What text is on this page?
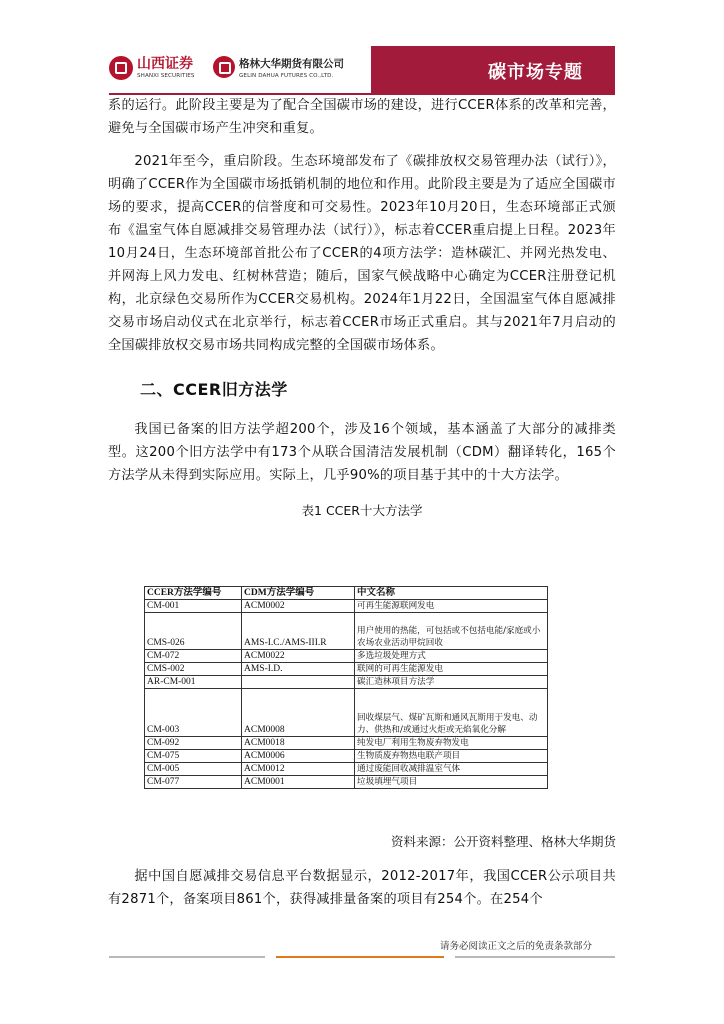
山西证券
SHANXI SECURITIES
格林大华期货有限公司
GELIN DAHUA FUTURES CO.,LTD.	碳市场专题

系的运行。此阶段主要是为了配合全国碳市场的建设，进行CCER体系的改革和完善，避免与全国碳市场产生冲突和重复。

2021年至今，重启阶段。生态环境部发布了《碳排放权交易管理办法（试行）》，明确了CCER作为全国碳市场抵销机制的地位和作用。此阶段主要是为了适应全国碳市场的要求，提高CCER的信誉度和可交易性。2023年10月20日，生态环境部正式颁布《温室气体自愿减排交易管理办法（试行）》，标志着CCER重启提上日程。2023年10月24日，生态环境部首批公布了CCER的4项方法学：造林碳汇、并网光热发电、并网海上风力发电、红树林营造；随后，国家气候战略中心确定为CCER注册登记机构，北京绿色交易所作为CCER交易机构。2024年1月22日，全国温室气体自愿减排交易市场启动仪式在北京举行，标志着CCER市场正式重启。其与2021年7月启动的全国碳排放权交易市场共同构成完整的全国碳市场体系。

二、CCER旧方法学

我国已备案的旧方法学超200个，涉及16个领域，基本涵盖了大部分的减排类型。这200个旧方法学中有173个从联合国清洁发展机制（CDM）翻译转化，165个方法学从未得到实际应用。实际上，几乎90%的项目基于其中的十大方法学。

表1 CCER十大方法学

CCER方法学编号	CDM方法学编号	中文名称
CM-001	ACM0002	可再生能源联网发电
CMS-026	AMS-I.C./AMS-III.R	用户使用的热能，可包括或不包括电能/家庭或小农场农业活动甲烷回收
CM-072	ACM0022	多选垃圾处理方式
CMS-002	AMS-I.D.	联网的可再生能源发电
AR-CM-001		碳汇造林项目方法学
CM-003	ACM0008	回收煤层气、煤矿瓦斯和通风瓦斯用于发电、动力、供热和/或通过火炬或无焰氧化分解
CM-092	ACM0018	纯发电厂利用生物废弃物发电
CM-075	ACM0006	生物质废弃物热电联产项目
CM-005	ACM0012	通过废能回收减排温室气体
CM-077	ACM0001	垃圾填埋气项目

资料来源：公开资料整理、格林大华期货

据中国自愿减排交易信息平台数据显示，2012-2017年，我国CCER公示项目共有2871个，备案项目861个，获得减排量备案的项目有254个。在254个

请务必阅读正文之后的免责条款部分
